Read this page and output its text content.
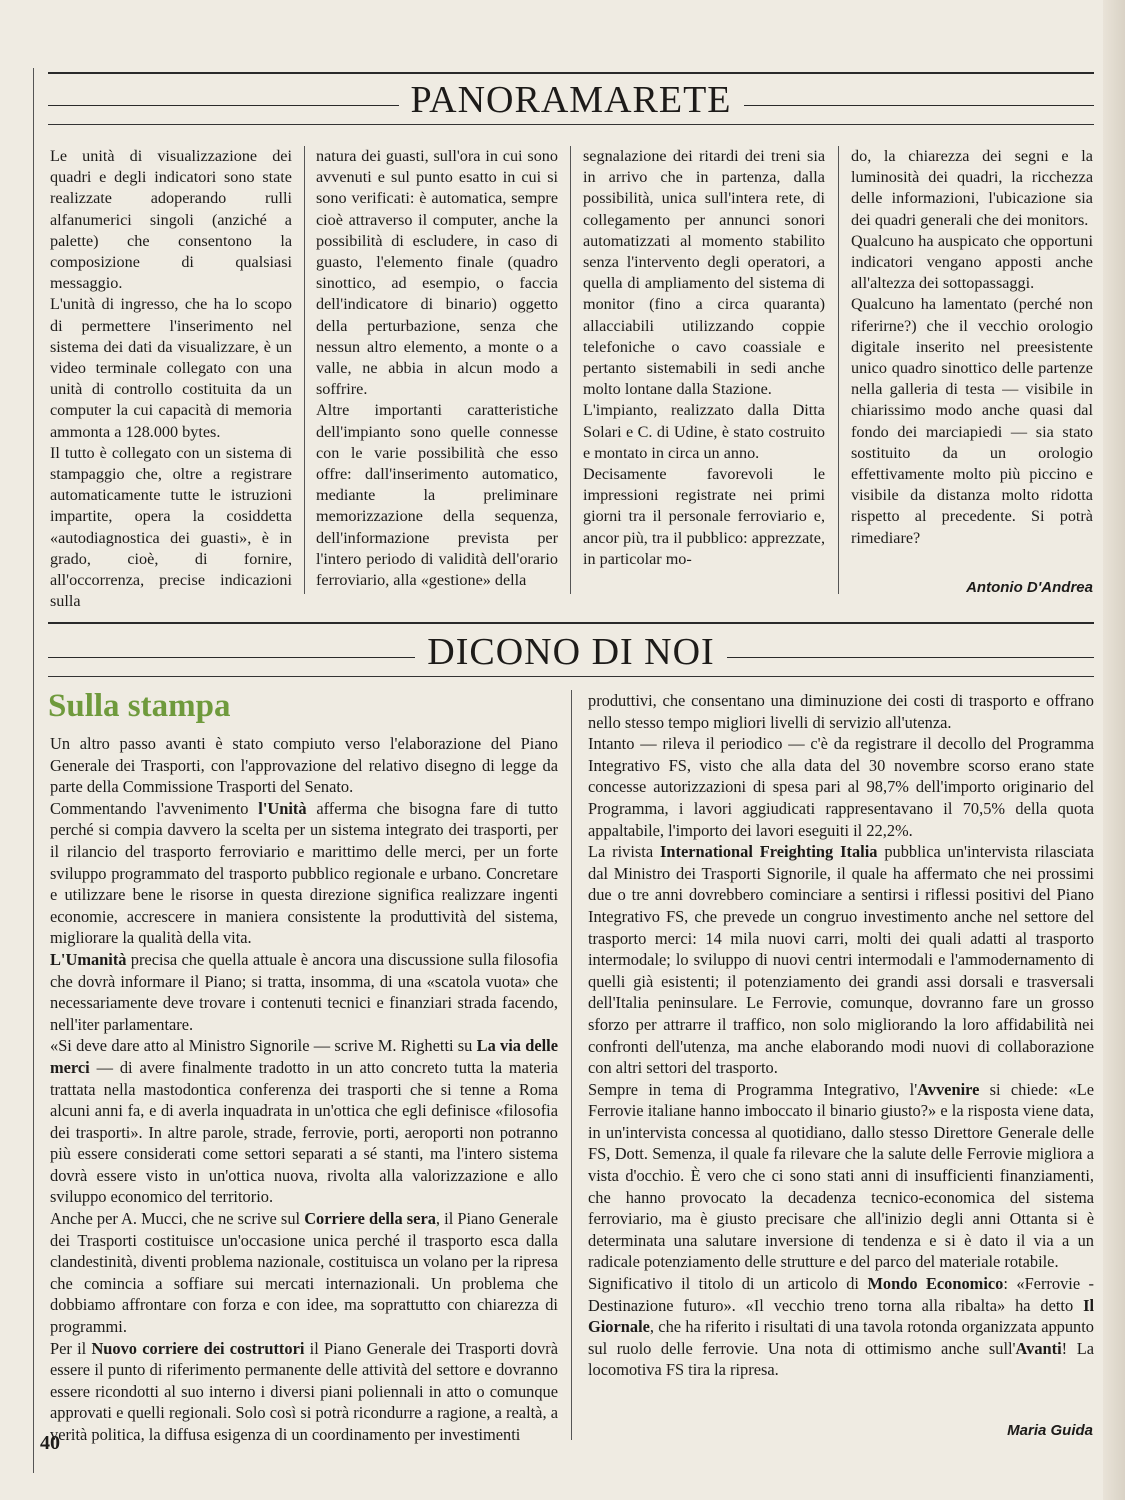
PANORAMARETE

Le unità di visualizzazione dei quadri e degli indicatori sono state realizzate adoperando rulli alfanumerici singoli (anziché a palette) che consentono la composizione di qualsiasi messaggio.

L'unità di ingresso, che ha lo scopo di permettere l'inserimento nel sistema dei dati da visualizzare, è un video terminale collegato con una unità di controllo costituita da un computer la cui capacità di memoria ammonta a 128.000 bytes.

Il tutto è collegato con un sistema di stampaggio che, oltre a registrare automaticamente tutte le istruzioni impartite, opera la cosiddetta «autodiagnostica dei guasti», è in grado, cioè, di fornire, all'occorrenza, precise indicazioni sulla

natura dei guasti, sull'ora in cui sono avvenuti e sul punto esatto in cui si sono verificati: è automatica, sempre cioè attraverso il computer, anche la possibilità di escludere, in caso di guasto, l'elemento finale (quadro sinottico, ad esempio, o faccia dell'indicatore di binario) oggetto della perturbazione, senza che nessun altro elemento, a monte o a valle, ne abbia in alcun modo a soffrire.

Altre importanti caratteristiche dell'impianto sono quelle connesse con le varie possibilità che esso offre: dall'inserimento automatico, mediante la preliminare memorizzazione della sequenza, dell'informazione prevista per l'intero periodo di validità dell'orario ferroviario, alla «gestione» della

segnalazione dei ritardi dei treni sia in arrivo che in partenza, dalla possibilità, unica sull'intera rete, di collegamento per annunci sonori automatizzati al momento stabilito senza l'intervento degli operatori, a quella di ampliamento del sistema di monitor (fino a circa quaranta) allacciabili utilizzando coppie telefoniche o cavo coassiale e pertanto sistemabili in sedi anche molto lontane dalla Stazione.

L'impianto, realizzato dalla Ditta Solari e C. di Udine, è stato costruito e montato in circa un anno.

Decisamente favorevoli le impressioni registrate nei primi giorni tra il personale ferroviario e, ancor più, tra il pubblico: apprezzate, in particolar mo-

do, la chiarezza dei segni e la luminosità dei quadri, la ricchezza delle informazioni, l'ubicazione sia dei quadri generali che dei monitors.

Qualcuno ha auspicato che opportuni indicatori vengano apposti anche all'altezza dei sottopassaggi.

Qualcuno ha lamentato (perché non riferirne?) che il vecchio orologio digitale inserito nel preesistente unico quadro sinottico delle partenze nella galleria di testa — visibile in chiarissimo modo anche quasi dal fondo dei marciapiedi — sia stato sostituito da un orologio effettivamente molto più piccino e visibile da distanza molto ridotta rispetto al precedente. Si potrà rimediare?

Antonio D'Andrea
DICONO DI NOI
Sulla stampa

Un altro passo avanti è stato compiuto verso l'elaborazione del Piano Generale dei Trasporti, con l'approvazione del relativo disegno di legge da parte della Commissione Trasporti del Senato.

Commentando l'avvenimento l'Unità afferma che bisogna fare di tutto perché si compia davvero la scelta per un sistema integrato dei trasporti, per il rilancio del trasporto ferroviario e marittimo delle merci, per un forte sviluppo programmato del trasporto pubblico regionale e urbano. Concretare e utilizzare bene le risorse in questa direzione significa realizzare ingenti economie, accrescere in maniera consistente la produttività del sistema, migliorare la qualità della vita.

L'Umanità precisa che quella attuale è ancora una discussione sulla filosofia che dovrà informare il Piano; si tratta, insomma, di una «scatola vuota» che necessariamente deve trovare i contenuti tecnici e finanziari strada facendo, nell'iter parlamentare.

«Si deve dare atto al Ministro Signorile — scrive M. Righetti su La via delle merci — di avere finalmente tradotto in un atto concreto tutta la materia trattata nella mastodontica conferenza dei trasporti che si tenne a Roma alcuni anni fa, e di averla inquadrata in un'ottica che egli definisce «filosofia dei trasporti». In altre parole, strade, ferrovie, porti, aeroporti non potranno più essere considerati come settori separati a sé stanti, ma l'intero sistema dovrà essere visto in un'ottica nuova, rivolta alla valorizzazione e allo sviluppo economico del territorio.

Anche per A. Mucci, che ne scrive sul Corriere della sera, il Piano Generale dei Trasporti costituisce un'occasione unica perché il trasporto esca dalla clandestinità, diventi problema nazionale, costituisca un volano per la ripresa che comincia a soffiare sui mercati internazionali. Un problema che dobbiamo affrontare con forza e con idee, ma soprattutto con chiarezza di programmi.

Per il Nuovo corriere dei costruttori il Piano Generale dei Trasporti dovrà essere il punto di riferimento permanente delle attività del settore e dovranno essere ricondotti al suo interno i diversi piani poliennali in atto o comunque approvati e quelli regionali. Solo così si potrà ricondurre a ragione, a realtà, a verità politica, la diffusa esigenza di un coordinamento per investimenti

produttivi, che consentano una diminuzione dei costi di trasporto e offrano nello stesso tempo migliori livelli di servizio all'utenza.

Intanto — rileva il periodico — c'è da registrare il decollo del Programma Integrativo FS, visto che alla data del 30 novembre scorso erano state concesse autorizzazioni di spesa pari al 98,7% dell'importo originario del Programma, i lavori aggiudicati rappresentavano il 70,5% della quota appaltabile, l'importo dei lavori eseguiti il 22,2%.

La rivista International Freighting Italia pubblica un'intervista rilasciata dal Ministro dei Trasporti Signorile, il quale ha affermato che nei prossimi due o tre anni dovrebbero cominciare a sentirsi i riflessi positivi del Piano Integrativo FS, che prevede un congruo investimento anche nel settore del trasporto merci: 14 mila nuovi carri, molti dei quali adatti al trasporto intermodale; lo sviluppo di nuovi centri intermodali e l'ammodernamento di quelli già esistenti; il potenziamento dei grandi assi dorsali e trasversali dell'Italia peninsulare. Le Ferrovie, comunque, dovranno fare un grosso sforzo per attrarre il traffico, non solo migliorando la loro affidabilità nei confronti dell'utenza, ma anche elaborando modi nuovi di collaborazione con altri settori del trasporto.

Sempre in tema di Programma Integrativo, l'Avvenire si chiede: «Le Ferrovie italiane hanno imboccato il binario giusto?» e la risposta viene data, in un'intervista concessa al quotidiano, dallo stesso Direttore Generale delle FS, Dott. Semenza, il quale fa rilevare che la salute delle Ferrovie migliora a vista d'occhio. È vero che ci sono stati anni di insufficienti finanziamenti, che hanno provocato la decadenza tecnico-economica del sistema ferroviario, ma è giusto precisare che all'inizio degli anni Ottanta si è determinata una salutare inversione di tendenza e si è dato il via a un radicale potenziamento delle strutture e del parco del materiale rotabile.

Significativo il titolo di un articolo di Mondo Economico: «Ferrovie - Destinazione futuro». «Il vecchio treno torna alla ribalta» ha detto Il Giornale, che ha riferito i risultati di una tavola rotonda organizzata appunto sul ruolo delle ferrovie. Una nota di ottimismo anche sull'Avanti! La locomotiva FS tira la ripresa.

Maria Guida
40
